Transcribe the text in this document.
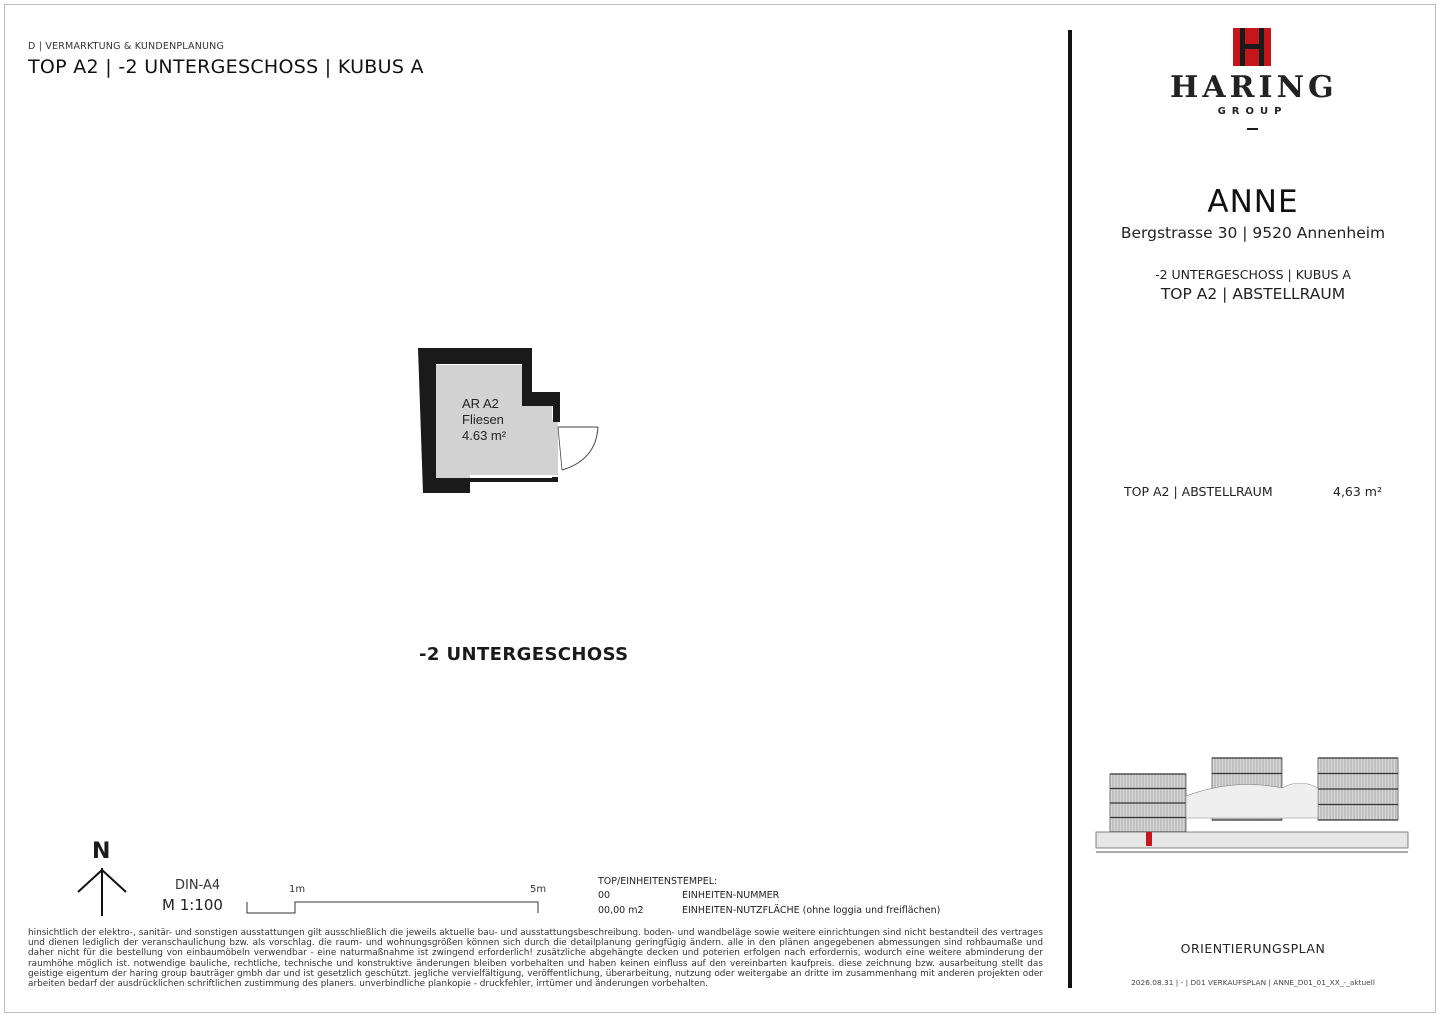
D | VERMARKTUNG & KUNDENPLANUNG
TOP A2 | -2 UNTERGESCHOSS | KUBUS A
AR A2
Fliesen
4.63 m²
-2 UNTERGESCHOSS
N
DIN-A4
M 1:100
1m	5m
TOP/EINHEITENSTEMPEL:
00	EINHEITEN-NUMMER
00,00 m2	EINHEITEN-NUTZFLÄCHE (ohne loggia und freiflächen)
hinsichtlich der elektro-, sanitär- und sonstigen ausstattungen gilt ausschließlich die jeweils aktuelle bau- und ausstattungsbeschreibung. boden- und wandbeläge sowie weitere einrichtungen sind nicht bestandteil des vertrages und dienen lediglich der veranschaulichung bzw. als vorschlag. die raum- und wohnungsgrößen können sich durch die detailplanung geringfügig ändern. alle in den plänen angegebenen abmessungen sind rohbaumaße und daher nicht für die bestellung von einbaumöbeln verwendbar - eine naturmaßnahme ist zwingend erforderlich! zusätzliche abgehängte decken und poterien erfolgen nach erfordernis, wodurch eine weitere abminderung der raumhöhe möglich ist. notwendige bauliche, rechtliche, technische und konstruktive änderungen bleiben vorbehalten und haben keinen einfluss auf den vereinbarten kaufpreis. diese zeichnung bzw. ausarbeitung stellt das geistige eigentum der haring group bauträger gmbh dar und ist gesetzlich geschützt. jegliche vervielfältigung, veröffentlichung, überarbeitung, nutzung oder weitergabe an dritte im zusammenhang mit anderen projekten oder arbeiten bedarf der ausdrücklichen schriftlichen zustimmung des planers. unverbindliche plankopie - druckfehler, irrtümer und änderungen vorbehalten.
HARING
GROUP
ANNE
Bergstrasse 30 | 9520 Annenheim
-2 UNTERGESCHOSS | KUBUS A
TOP A2 | ABSTELLRAUM
TOP A2 | ABSTELLRAUM	4,63 m²
ORIENTIERUNGSPLAN
2026.08.31 | - | D01 VERKAUFSPLAN | ANNE_D01_01_XX_-_aktuell
